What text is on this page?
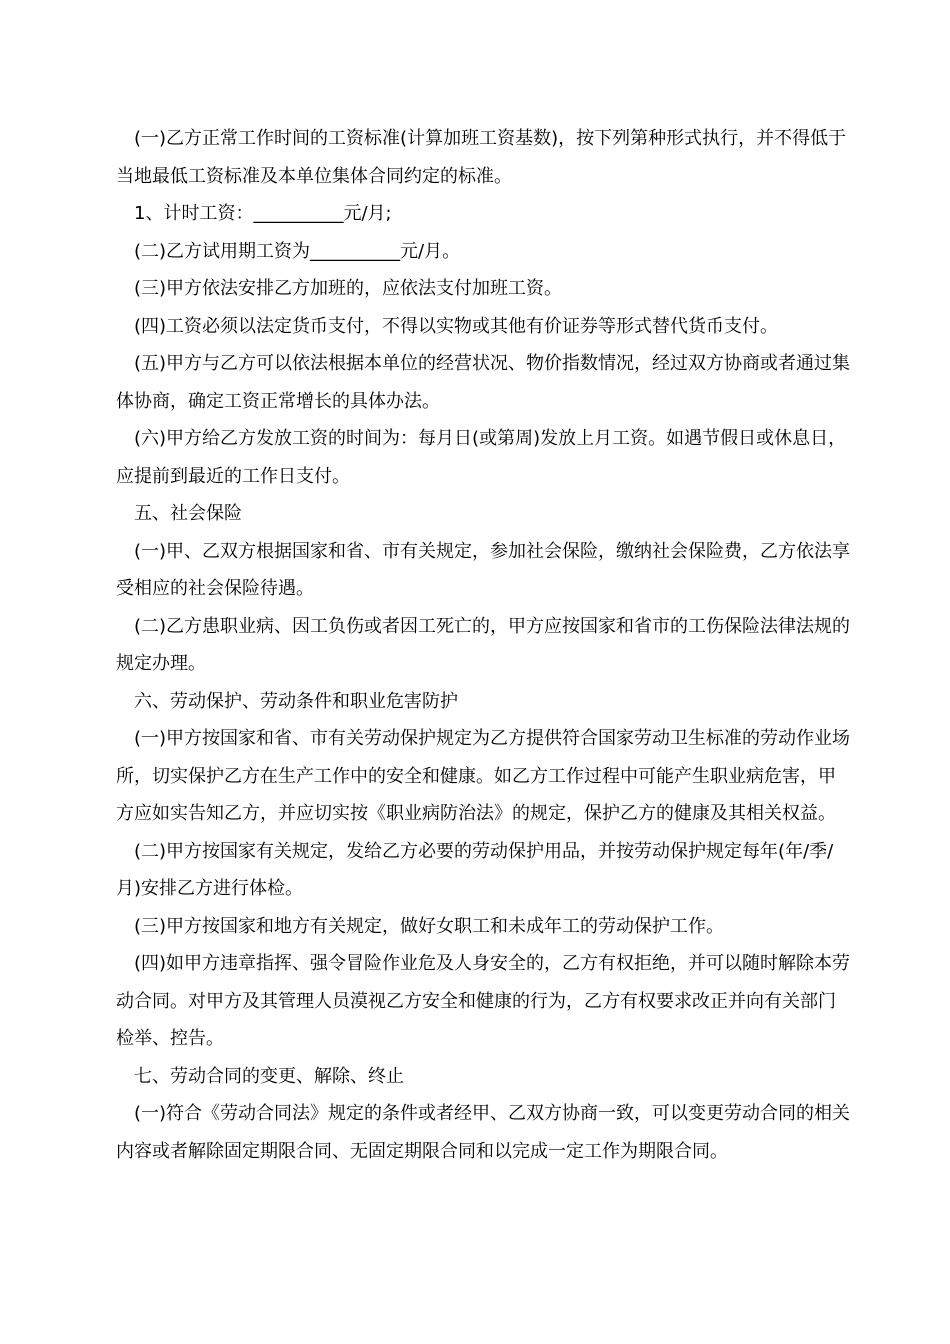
(一)乙方正常工作时间的工资标准(计算加班工资基数)，按下列第种形式执行，并不得低于当地最低工资标准及本单位集体合同约定的标准。

1、计时工资：__________元/月;

(二)乙方试用期工资为__________元/月。

(三)甲方依法安排乙方加班的，应依法支付加班工资。

(四)工资必须以法定货币支付，不得以实物或其他有价证券等形式替代货币支付。

(五)甲方与乙方可以依法根据本单位的经营状况、物价指数情况，经过双方协商或者通过集体协商，确定工资正常增长的具体办法。

(六)甲方给乙方发放工资的时间为：每月日(或第周)发放上月工资。如遇节假日或休息日，应提前到最近的工作日支付。

五、社会保险

(一)甲、乙双方根据国家和省、市有关规定，参加社会保险，缴纳社会保险费，乙方依法享受相应的社会保险待遇。

(二)乙方患职业病、因工负伤或者因工死亡的，甲方应按国家和省市的工伤保险法律法规的规定办理。

六、劳动保护、劳动条件和职业危害防护

(一)甲方按国家和省、市有关劳动保护规定为乙方提供符合国家劳动卫生标准的劳动作业场所，切实保护乙方在生产工作中的安全和健康。如乙方工作过程中可能产生职业病危害，甲方应如实告知乙方，并应切实按《职业病防治法》的规定，保护乙方的健康及其相关权益。

(二)甲方按国家有关规定，发给乙方必要的劳动保护用品，并按劳动保护规定每年(年/季/月)安排乙方进行体检。

(三)甲方按国家和地方有关规定，做好女职工和未成年工的劳动保护工作。

(四)如甲方违章指挥、强令冒险作业危及人身安全的，乙方有权拒绝，并可以随时解除本劳动合同。对甲方及其管理人员漠视乙方安全和健康的行为，乙方有权要求改正并向有关部门检举、控告。

七、劳动合同的变更、解除、终止

(一)符合《劳动合同法》规定的条件或者经甲、乙双方协商一致，可以变更劳动合同的相关内容或者解除固定期限合同、无固定期限合同和以完成一定工作为期限合同。
